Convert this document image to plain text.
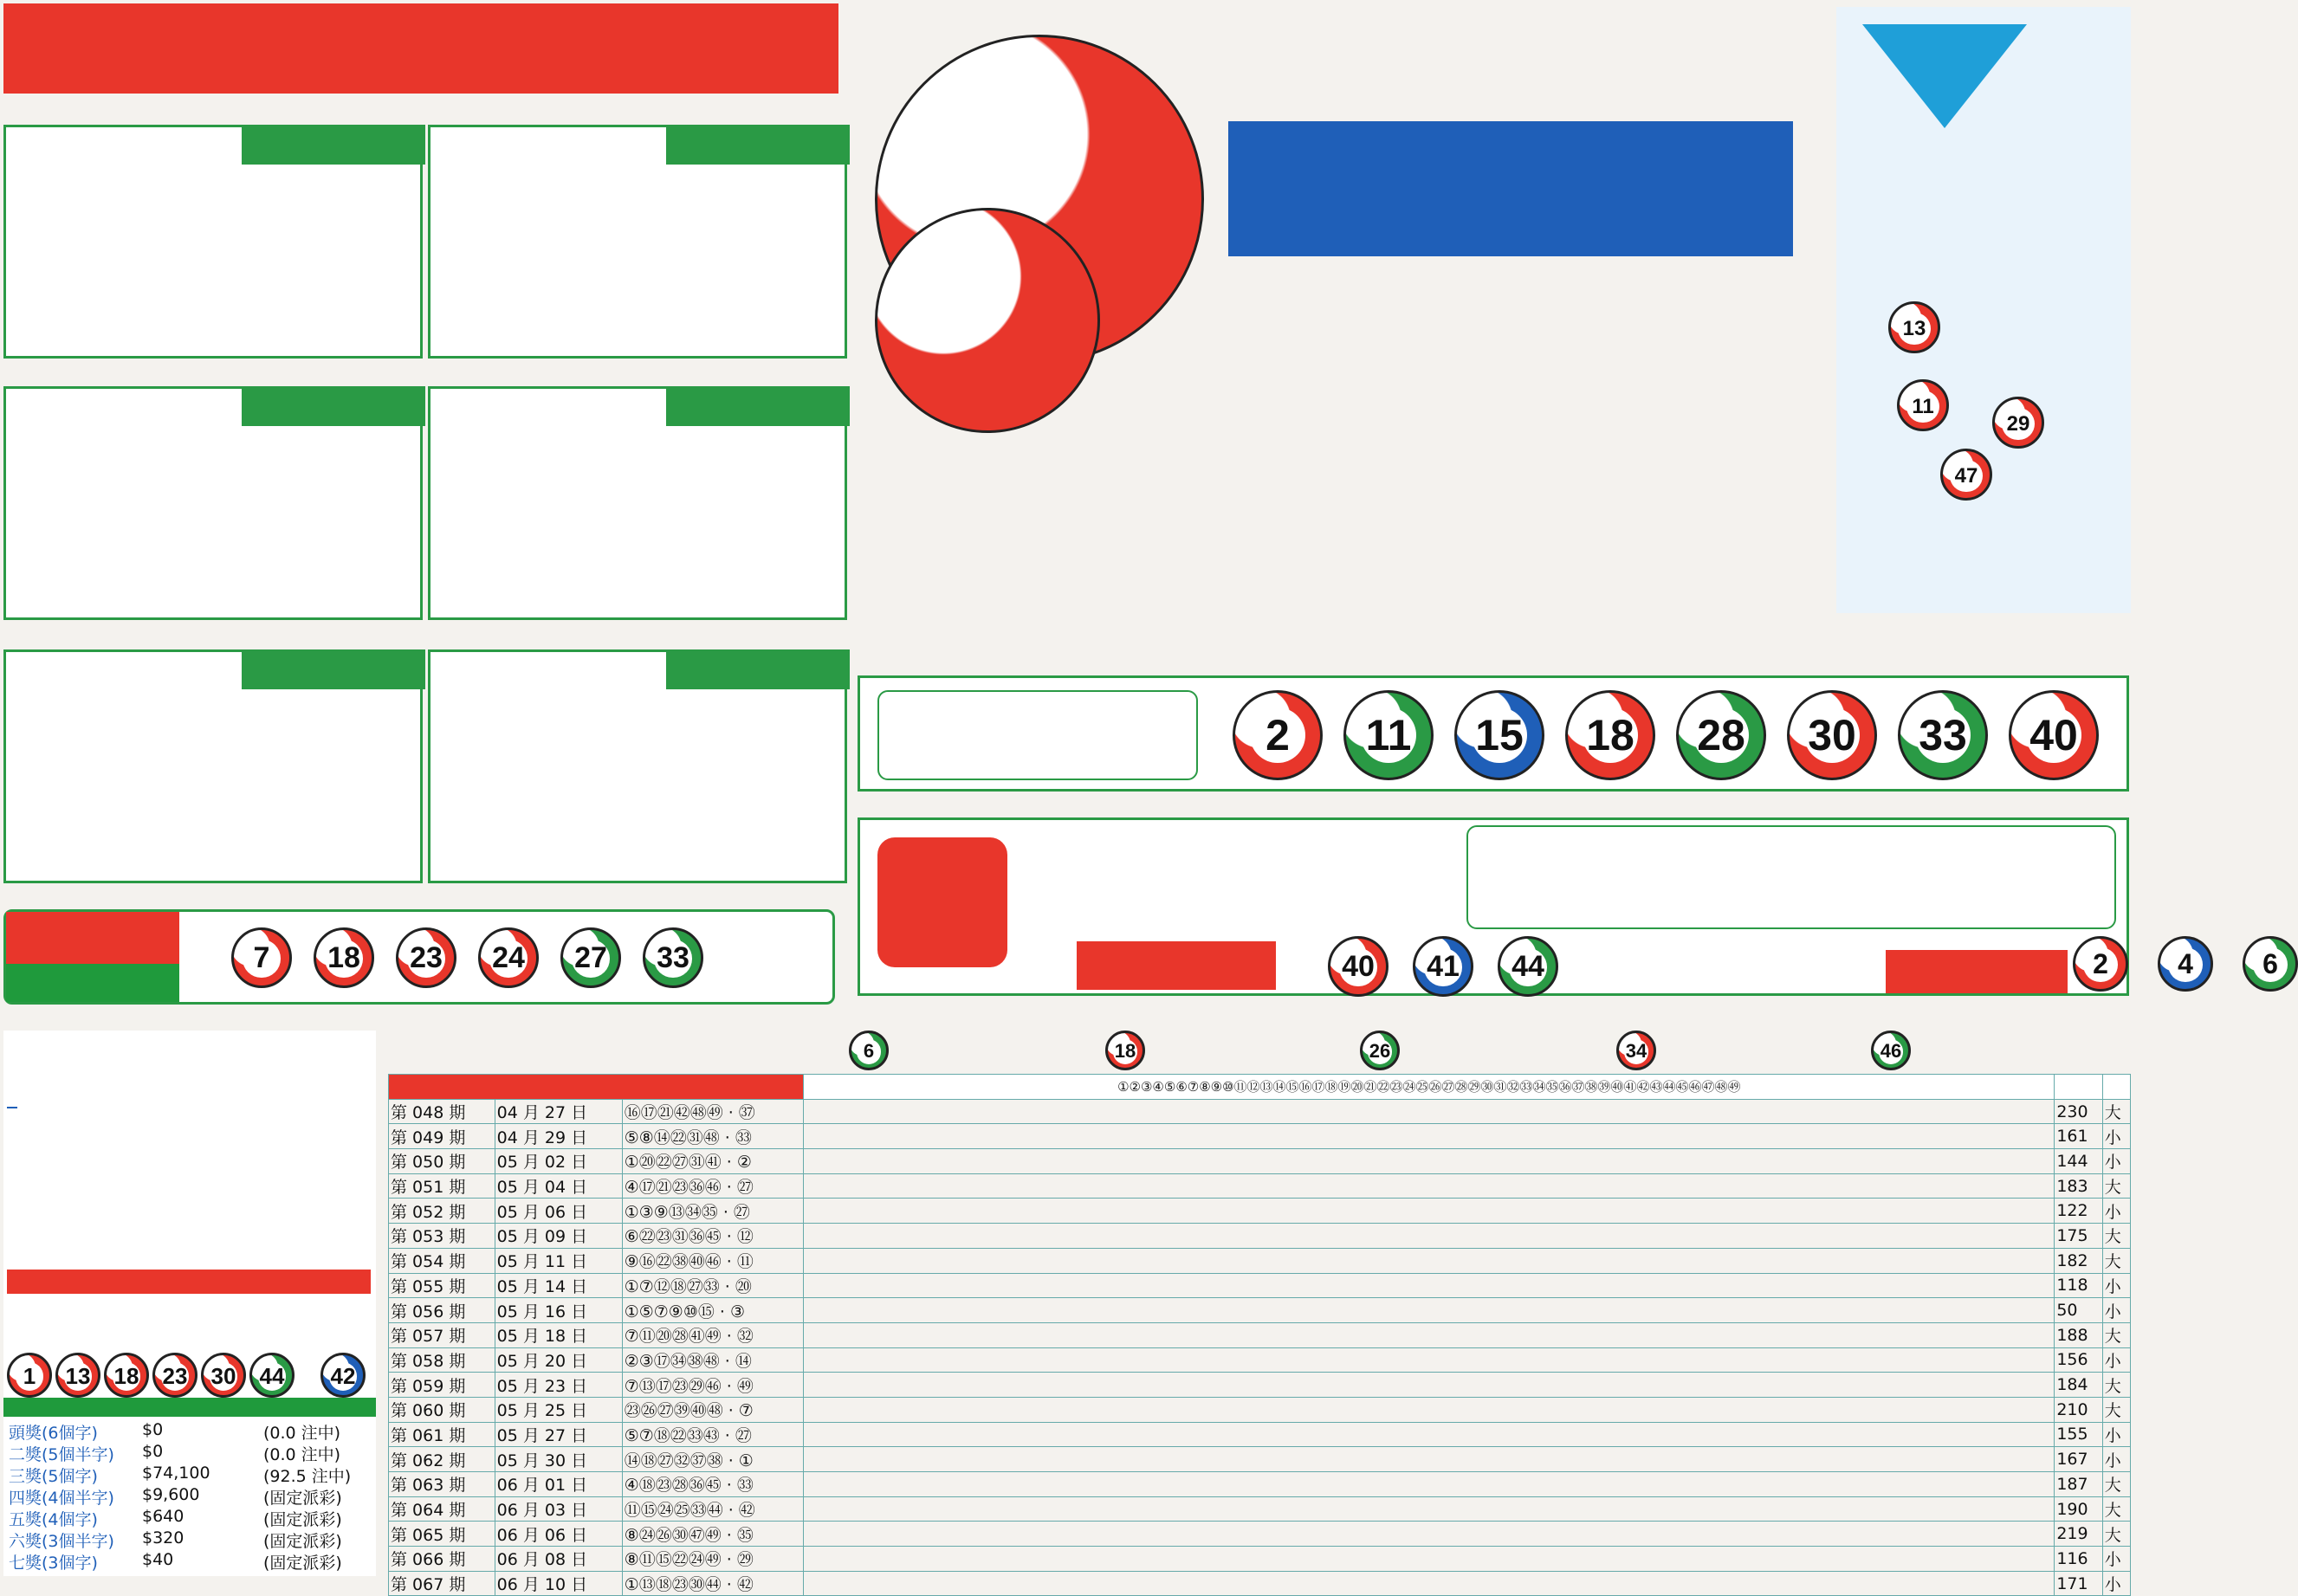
7	18	23	24	27	33
13
11
29
47
2	11	15	18	28	30	33	40
40	41	44	2	4	6
1	13	18	23	30	44	42
頭獎(6個字)	$0	(0.0 注中)
二獎(5個半字) $0	(0.0 注中)
三獎(5個字)	$74,100	(92.5 注中)
四獎(4個半字) $9,600	(固定派彩)
五獎(4個字)	$640	(固定派彩)
六獎(3個半字) $320	(固定派彩)
七獎(3個字)	$40	(固定派彩)
6	18	26	34	46
			①②③④⑤⑥⑦⑧⑨⑩⑪⑫⑬⑭⑮⑯⑰⑱⑲⑳㉑㉒㉓㉔㉕㉖㉗㉘㉙㉚㉛㉜㉝㉞㉟㊱㊲㊳㊴㊵㊶㊷㊸㊹㊺㊻㊼㊽㊾		
第 048 期	04 月 27 日	⑯⑰㉑㊷㊽㊾ · ㊲		230	大
第 049 期	04 月 29 日	⑤⑧⑭㉒㉛㊽ · ㉝		161	小
第 050 期	05 月 02 日	①⑳㉒㉗㉛㊶ · ②		144	小
第 051 期	05 月 04 日	④⑰㉑㉓㊱㊻ · ㉗		183	大
第 052 期	05 月 06 日	①③⑨⑬㉞㉟ · ㉗		122	小
第 053 期	05 月 09 日	⑥㉒㉓㉛㊱㊺ · ⑫		175	大
第 054 期	05 月 11 日	⑨⑯㉒㊳㊵㊻ · ⑪		182	大
第 055 期	05 月 14 日	①⑦⑫⑱㉗㉝ · ⑳		118	小
第 056 期	05 月 16 日	①⑤⑦⑨⑩⑮ · ③		50	小
第 057 期	05 月 18 日	⑦⑪⑳㉘㊶㊾ · ㉜		188	大
第 058 期	05 月 20 日	②③⑰㉞㊳㊽ · ⑭		156	小
第 059 期	05 月 23 日	⑦⑬⑰㉓㉙㊻ · ㊾		184	大
第 060 期	05 月 25 日	㉓㉖㉗㊴㊵㊽ · ⑦		210	大
第 061 期	05 月 27 日	⑤⑦⑱㉒㉝㊸ · ㉗		155	小
第 062 期	05 月 30 日	⑭⑱㉗㉜㊲㊳ · ①		167	小
第 063 期	06 月 01 日	④⑱㉓㉘㊱㊺ · ㉝		187	大
第 064 期	06 月 03 日	⑪⑮㉔㉕㉝㊹ · ㊷		190	大
第 065 期	06 月 06 日	⑧㉔㉖㉚㊼㊾ · ㉟		219	大
第 066 期	06 月 08 日	⑧⑪⑮㉒㉔㊾ · ㉙		116	小
第 067 期	06 月 10 日	①⑬⑱㉓㉚㊹ · ㊷		171	小
